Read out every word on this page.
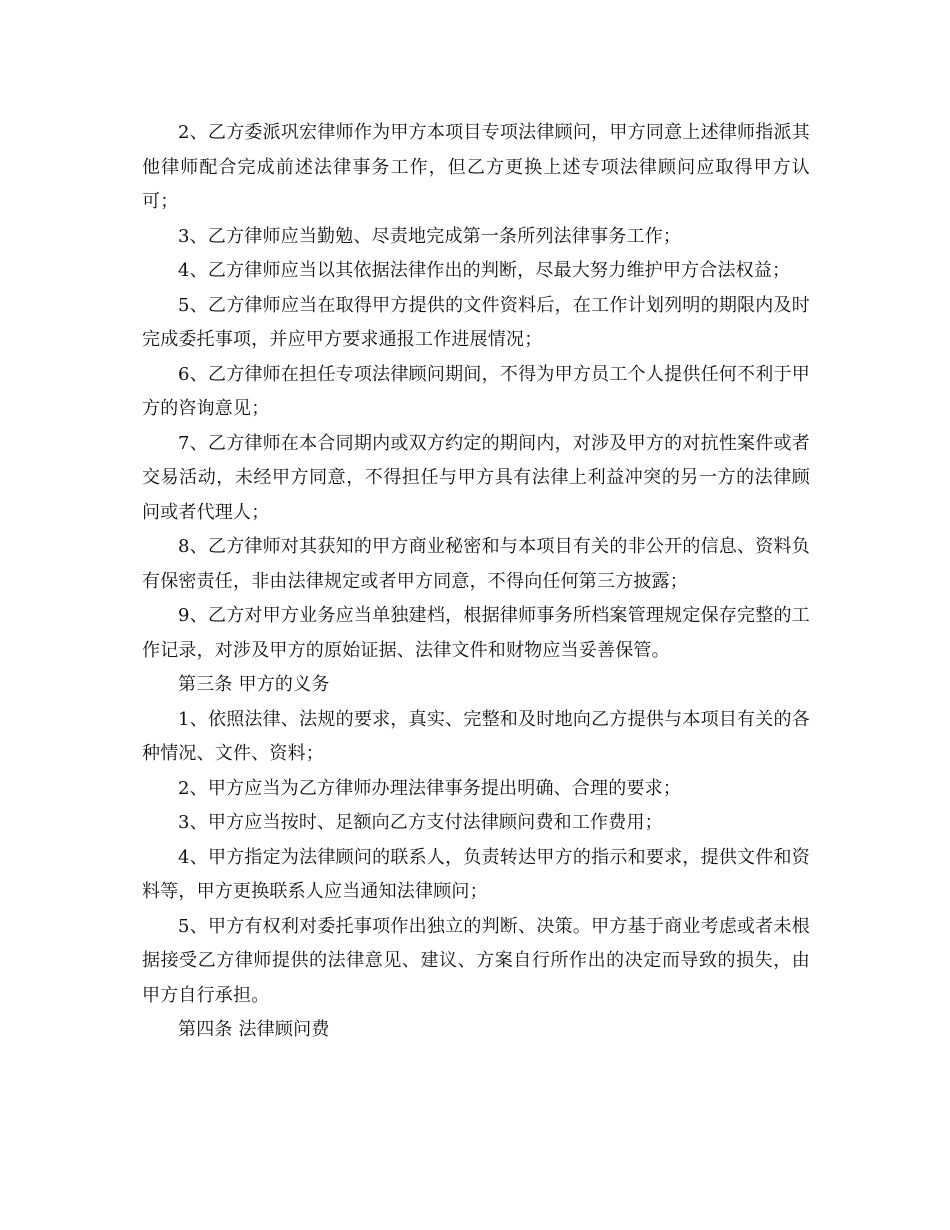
2、乙方委派巩宏律师作为甲方本项目专项法律顾问，甲方同意上述律师指派其他律师配合完成前述法律事务工作，但乙方更换上述专项法律顾问应取得甲方认可；

3、乙方律师应当勤勉、尽责地完成第一条所列法律事务工作；

4、乙方律师应当以其依据法律作出的判断，尽最大努力维护甲方合法权益；

5、乙方律师应当在取得甲方提供的文件资料后，在工作计划列明的期限内及时完成委托事项，并应甲方要求通报工作进展情况；

6、乙方律师在担任专项法律顾问期间，不得为甲方员工个人提供任何不利于甲方的咨询意见；

7、乙方律师在本合同期内或双方约定的期间内，对涉及甲方的对抗性案件或者交易活动，未经甲方同意，不得担任与甲方具有法律上利益冲突的另一方的法律顾问或者代理人；

8、乙方律师对其获知的甲方商业秘密和与本项目有关的非公开的信息、资料负有保密责任，非由法律规定或者甲方同意，不得向任何第三方披露；

9、乙方对甲方业务应当单独建档，根据律师事务所档案管理规定保存完整的工作记录，对涉及甲方的原始证据、法律文件和财物应当妥善保管。

第三条 甲方的义务

1、依照法律、法规的要求，真实、完整和及时地向乙方提供与本项目有关的各种情况、文件、资料；

2、甲方应当为乙方律师办理法律事务提出明确、合理的要求；

3、甲方应当按时、足额向乙方支付法律顾问费和工作费用；

4、甲方指定为法律顾问的联系人，负责转达甲方的指示和要求，提供文件和资料等，甲方更换联系人应当通知法律顾问；

5、甲方有权利对委托事项作出独立的判断、决策。甲方基于商业考虑或者未根据接受乙方律师提供的法律意见、建议、方案自行所作出的决定而导致的损失，由甲方自行承担。

第四条 法律顾问费
